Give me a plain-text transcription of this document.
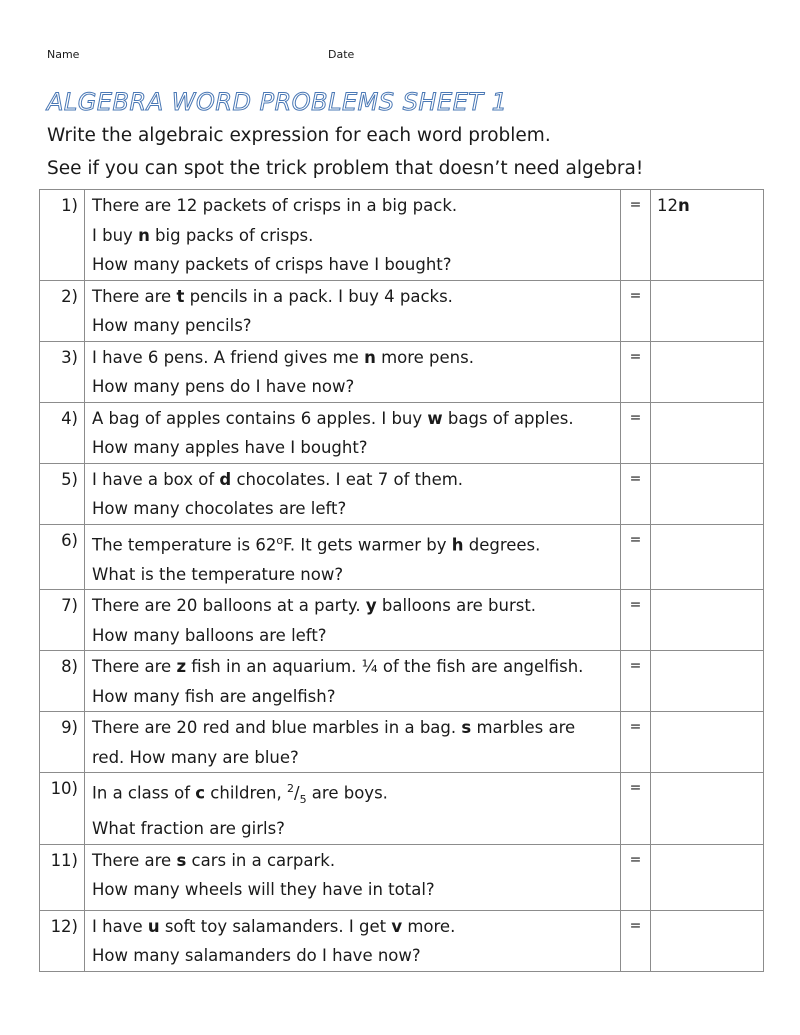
Name	Date
ALGEBRA WORD PROBLEMS SHEET 1
Write the algebraic expression for each word problem.
See if you can spot the trick problem that doesn’t need algebra!
1)	There are 12 packets of crisps in a big pack.
I buy n big packs of crisps.
How many packets of crisps have I bought?	=	12n
2)	There are t pencils in a pack. I buy 4 packs.
How many pencils?	=	
3)	I have 6 pens. A friend gives me n more pens.
How many pens do I have now?	=	
4)	A bag of apples contains 6 apples. I buy w bags of apples.
How many apples have I bought?	=	
5)	I have a box of d chocolates. I eat 7 of them.
How many chocolates are left?	=	
6)	The temperature is 62$^o$F. It gets warmer by h degrees.
What is the temperature now?	=	
7)	There are 20 balloons at a party. y balloons are burst.
How many balloons are left?	=	
8)	There are z fish in an aquarium. ¼ of the fish are angelfish.
How many fish are angelfish?	=	
9)	There are 20 red and blue marbles in a bag. s marbles are
red. How many are blue?	=	
10)	In a class of c children, $^2/_5$ are boys.
What fraction are girls?	=	
11)	There are s cars in a carpark.
How many wheels will they have in total?	=	
12)	I have u soft toy salamanders. I get v more.
How many salamanders do I have now?	=	
